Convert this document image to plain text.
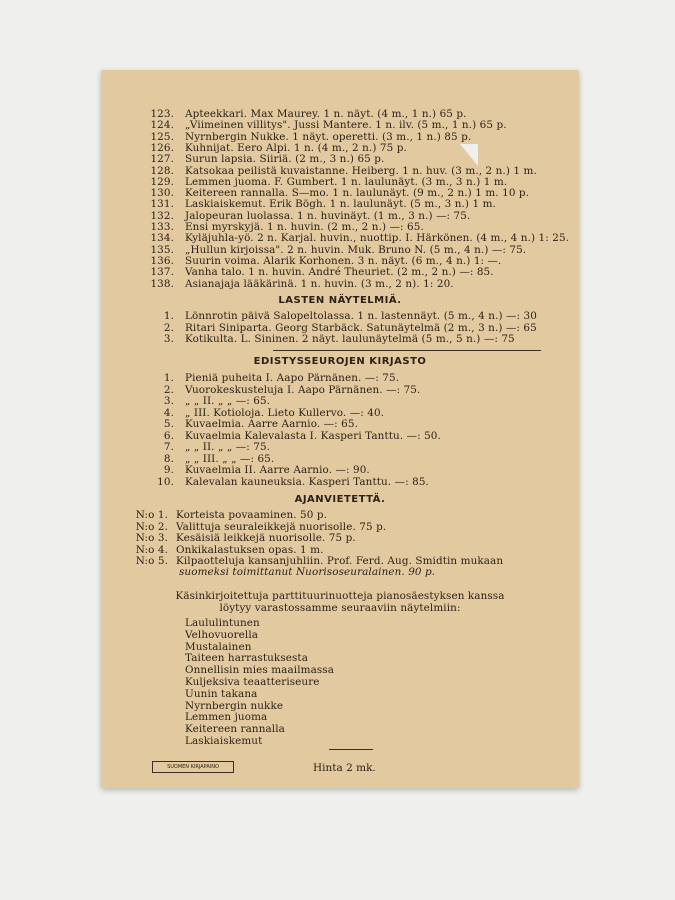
LASTEN NÄYTELMIÄ.
EDISTYSSEUROJEN KIRJASTO
AJANVIETETTÄ.
suomeksi toimittanut Nuorisoseuralainen. 90 p.
Käsinkirjoitettuja parttituurinuotteja pianosäestyksen kanssa
löytyy varastossamme seuraaviin näytelmiin:
123. Apteekkari. Max Maurey. 1 n. näyt. (4 m., 1 n.) 65 p.
124. „Viimeinen villitys". Jussi Mantere. 1 n. ilv. (5 m., 1 n.) 65 p.
125. Nyrnbergin Nukke. 1 näyt. operetti. (3 m., 1 n.) 85 p.
126. Kuhnijat. Eero Alpi. 1 n. (4 m., 2 n.) 75 p.
127. Surun lapsia. Siiriä. (2 m., 3 n.) 65 p.
128. Katsokaa peilistä kuvaistanne. Heiberg. 1 n. huv. (3 m., 2 n.) 1 m.
129. Lemmen juoma. F. Gumbert. 1 n. laulunäyt. (3 m., 3 n.) 1 m.
130. Keitereen rannalla. S—mo. 1 n. laulunäyt. (9 m., 2 n.) 1 m. 10 p.
131. Laskiaiskemut. Erik Bögh. 1 n. laulunäyt. (5 m., 3 n.) 1 m.
132. Jalopeuran luolassa. 1 n. huvinäyt. (1 m., 3 n.) —: 75.
133. Ensi myrskyjä. 1 n. huvin. (2 m., 2 n.) —: 65.
134. Kyläjuhla-yö. 2 n. Karjal. huvin., nuottip. I. Härkönen. (4 m., 4 n.) 1: 25.
135. „Hullun kirjoissa". 2 n. huvin. Muk. Bruno N. (5 m., 4 n.) —: 75.
136. Suurin voima. Alarik Korhonen. 3 n. näyt. (6 m., 4 n.) 1: —.
137. Vanha talo. 1 n. huvin. André Theuriet. (2 m., 2 n.) —: 85.
138. Asianajaja lääkärinä. 1 n. huvin. (3 m., 2 n). 1: 20.
1. Lönnrotin päivä Salopeltolassa. 1 n. lastennäyt. (5 m., 4 n.) —: 30
2. Ritari Siniparta. Georg Starbäck. Satunäytelmä (2 m., 3 n.) —: 65
3. Kotikulta. L. Sininen. 2 näyt. laulunäytelmä (5 m., 5 n.) —: 75
1. Pieniä puheita I. Aapo Pärnänen. —: 75.
2. Vuorokeskusteluja I. Aapo Pärnänen. —: 75.
3. „ „ II. „ „ —: 65.
4. „ III. Kotioloja. Lieto Kullervo. —: 40.
5. Kuvaelmia. Aarre Aarnio. —: 65.
6. Kuvaelmia Kalevalasta I. Kasperi Tanttu. —: 50.
7. „ „ II. „ „ —: 75.
8. „ „ III. „ „ —: 65.
9. Kuvaelmia II. Aarre Aarnio. —: 90.
10. Kalevalan kauneuksia. Kasperi Tanttu. —: 85.
N:o 1. Korteista povaaminen. 50 p.
N:o 2. Valittuja seuraleikkejä nuorisolle. 75 p.
N:o 3. Kesäisiä leikkejä nuorisolle. 75 p.
N:o 4. Onkikalastuksen opas. 1 m.
N:o 5. Kilpaotteluja kansanjuhliin. Prof. Ferd. Aug. Smidtin mukaan
Laululintunen
Velhovuorella
Mustalainen
Taiteen harrastuksesta
Onnellisin mies maailmassa
Kuljeksiva teaatteriseure
Uunin takana
Nyrnbergin nukke
Lemmen juoma
Keitereen rannalla
Laskiaiskemut
SUOMEN KIRJAPAINO	Hinta 2 mk.
